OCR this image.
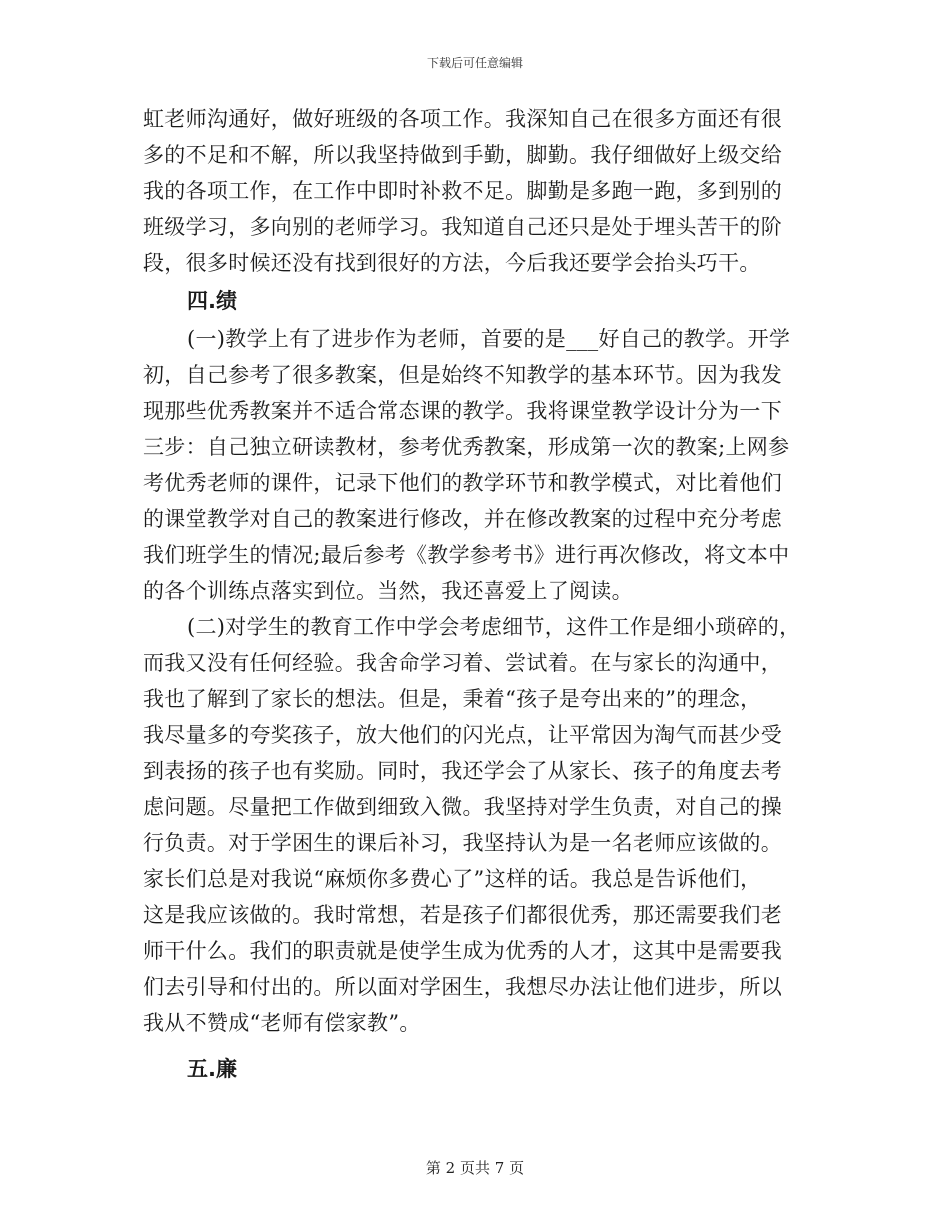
下载后可任意编辑
虹老师沟通好，做好班级的各项工作。我深知自己在很多方面还有很
多的不足和不解，所以我坚持做到手勤，脚勤。我仔细做好上级交给
我的各项工作，在工作中即时补救不足。脚勤是多跑一跑，多到别的
班级学习，多向别的老师学习。我知道自己还只是处于埋头苦干的阶
段，很多时候还没有找到很好的方法，今后我还要学会抬头巧干。
四.绩
(一)教学上有了进步作为老师，首要的是___好自己的教学。开学
初，自己参考了很多教案，但是始终不知教学的基本环节。因为我发
现那些优秀教案并不适合常态课的教学。我将课堂教学设计分为一下
三步：自己独立研读教材，参考优秀教案，形成第一次的教案;上网参
考优秀老师的课件，记录下他们的教学环节和教学模式，对比着他们
的课堂教学对自己的教案进行修改，并在修改教案的过程中充分考虑
我们班学生的情况;最后参考《教学参考书》进行再次修改，将文本中
的各个训练点落实到位。当然，我还喜爱上了阅读。
(二)对学生的教育工作中学会考虑细节，这件工作是细小琐碎的，
而我又没有任何经验。我舍命学习着、尝试着。在与家长的沟通中，
我也了解到了家长的想法。但是，秉着“孩子是夸出来的”的理念，
我尽量多的夸奖孩子，放大他们的闪光点，让平常因为淘气而甚少受
到表扬的孩子也有奖励。同时，我还学会了从家长、孩子的角度去考
虑问题。尽量把工作做到细致入微。我坚持对学生负责，对自己的操
行负责。对于学困生的课后补习，我坚持认为是一名老师应该做的。
家长们总是对我说“麻烦你多费心了”这样的话。我总是告诉他们，
这是我应该做的。我时常想，若是孩子们都很优秀，那还需要我们老
师干什么。我们的职责就是使学生成为优秀的人才，这其中是需要我
们去引导和付出的。所以面对学困生，我想尽办法让他们进步，所以
我从不赞成“老师有偿家教”。
五.廉
第 2 页共 7 页
